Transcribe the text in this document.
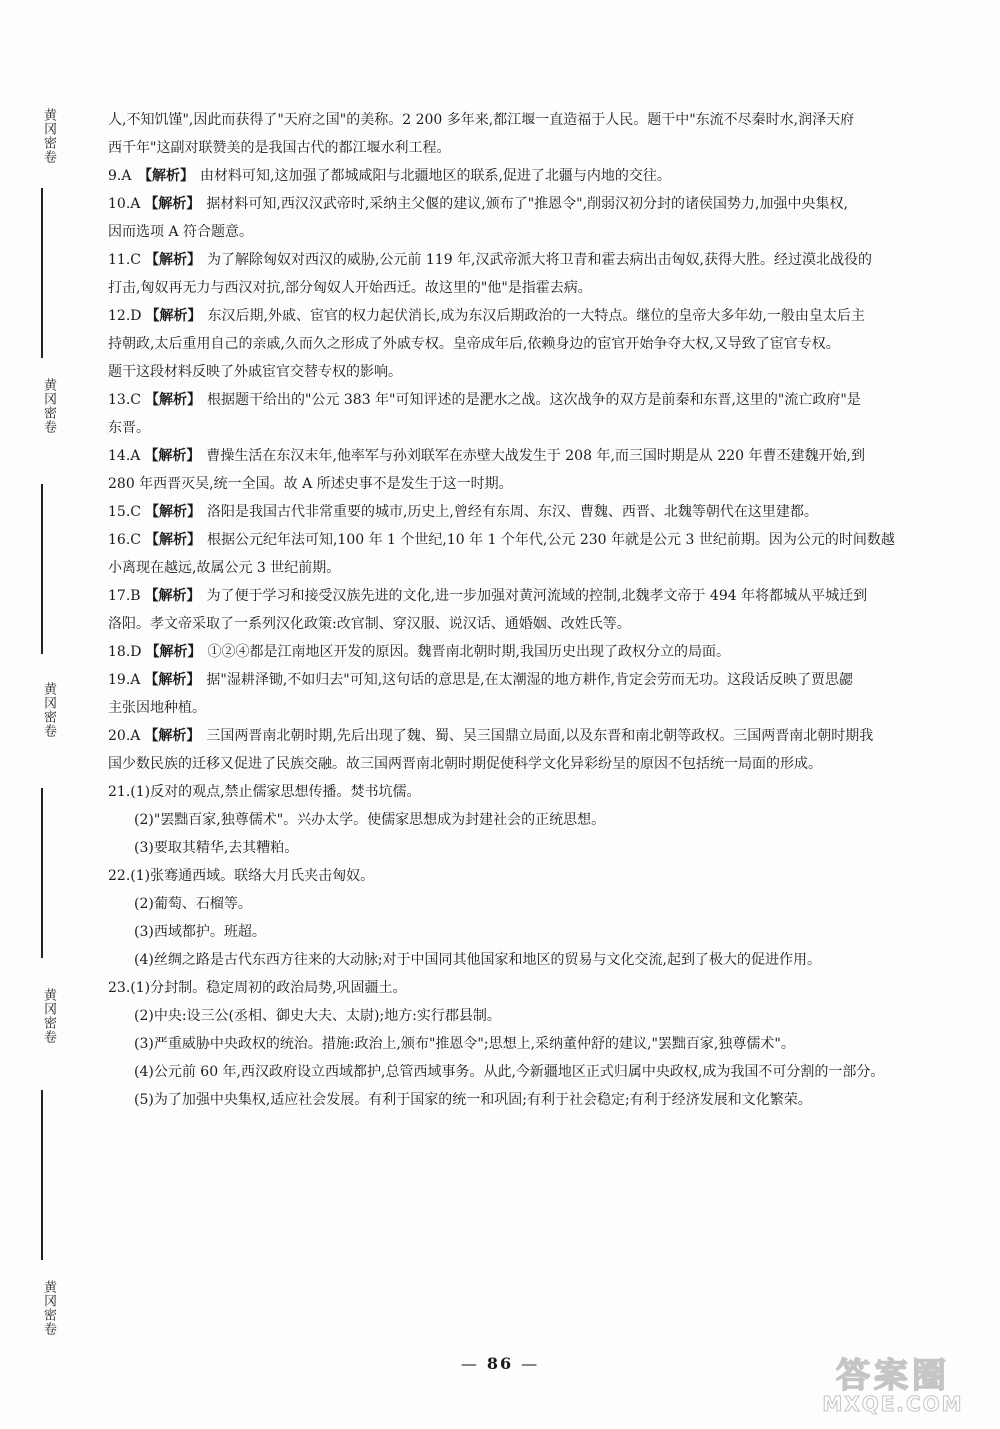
黄冈密卷
黄冈密卷
黄冈密卷
黄冈密卷
黄冈密卷

人,不知饥馑",因此而获得了"天府之国"的美称。2 200 多年来,都江堰一直造福于人民。题干中"东流不尽秦时水,润泽天府

西千年"这副对联赞美的是我国古代的都江堰水利工程。

9.A 【解析】 由材料可知,这加强了都城咸阳与北疆地区的联系,促进了北疆与内地的交往。

10.A 【解析】 据材料可知,西汉汉武帝时,采纳主父偃的建议,颁布了"推恩令",削弱汉初分封的诸侯国势力,加强中央集权,

因而选项 A 符合题意。

11.C 【解析】 为了解除匈奴对西汉的威胁,公元前 119 年,汉武帝派大将卫青和霍去病出击匈奴,获得大胜。经过漠北战役的

打击,匈奴再无力与西汉对抗,部分匈奴人开始西迁。故这里的"他"是指霍去病。

12.D 【解析】 东汉后期,外戚、宦官的权力起伏消长,成为东汉后期政治的一大特点。继位的皇帝大多年幼,一般由皇太后主

持朝政,太后重用自己的亲戚,久而久之形成了外戚专权。皇帝成年后,依赖身边的宦官开始争夺大权,又导致了宦官专权。

题干这段材料反映了外戚宦官交替专权的影响。

13.C 【解析】 根据题干给出的"公元 383 年"可知评述的是淝水之战。这次战争的双方是前秦和东晋,这里的"流亡政府"是

东晋。

14.A 【解析】 曹操生活在东汉末年,他率军与孙刘联军在赤壁大战发生于 208 年,而三国时期是从 220 年曹丕建魏开始,到

280 年西晋灭吴,统一全国。故 A 所述史事不是发生于这一时期。

15.C 【解析】 洛阳是我国古代非常重要的城市,历史上,曾经有东周、东汉、曹魏、西晋、北魏等朝代在这里建都。

16.C 【解析】 根据公元纪年法可知,100 年 1 个世纪,10 年 1 个年代,公元 230 年就是公元 3 世纪前期。因为公元的时间数越

小离现在越远,故属公元 3 世纪前期。

17.B 【解析】 为了便于学习和接受汉族先进的文化,进一步加强对黄河流域的控制,北魏孝文帝于 494 年将都城从平城迁到

洛阳。孝文帝采取了一系列汉化政策:改官制、穿汉服、说汉话、通婚姻、改姓氏等。

18.D 【解析】 ①②④都是江南地区开发的原因。魏晋南北朝时期,我国历史出现了政权分立的局面。

19.A 【解析】 据"湿耕泽锄,不如归去"可知,这句话的意思是,在太潮湿的地方耕作,肯定会劳而无功。这段话反映了贾思勰

主张因地种植。

20.A 【解析】 三国两晋南北朝时期,先后出现了魏、蜀、吴三国鼎立局面,以及东晋和南北朝等政权。三国两晋南北朝时期我

国少数民族的迁移又促进了民族交融。故三国两晋南北朝时期促使科学文化异彩纷呈的原因不包括统一局面的形成。

21.(1)反对的观点,禁止儒家思想传播。焚书坑儒。

(2)"罢黜百家,独尊儒术"。兴办太学。使儒家思想成为封建社会的正统思想。

(3)要取其精华,去其糟粕。

22.(1)张骞通西域。联络大月氏夹击匈奴。

(2)葡萄、石榴等。

(3)西域都护。班超。

(4)丝绸之路是古代东西方往来的大动脉;对于中国同其他国家和地区的贸易与文化交流,起到了极大的促进作用。

23.(1)分封制。稳定周初的政治局势,巩固疆土。

(2)中央:设三公(丞相、御史大夫、太尉);地方:实行郡县制。

(3)严重威胁中央政权的统治。措施:政治上,颁布"推恩令";思想上,采纳董仲舒的建议,"罢黜百家,独尊儒术"。

(4)公元前 60 年,西汉政府设立西域都护,总管西域事务。从此,今新疆地区正式归属中央政权,成为我国不可分割的一部分。

(5)为了加强中央集权,适应社会发展。有利于国家的统一和巩固;有利于社会稳定;有利于经济发展和文化繁荣。

— 86 —	答案圈
MXQE.COM
